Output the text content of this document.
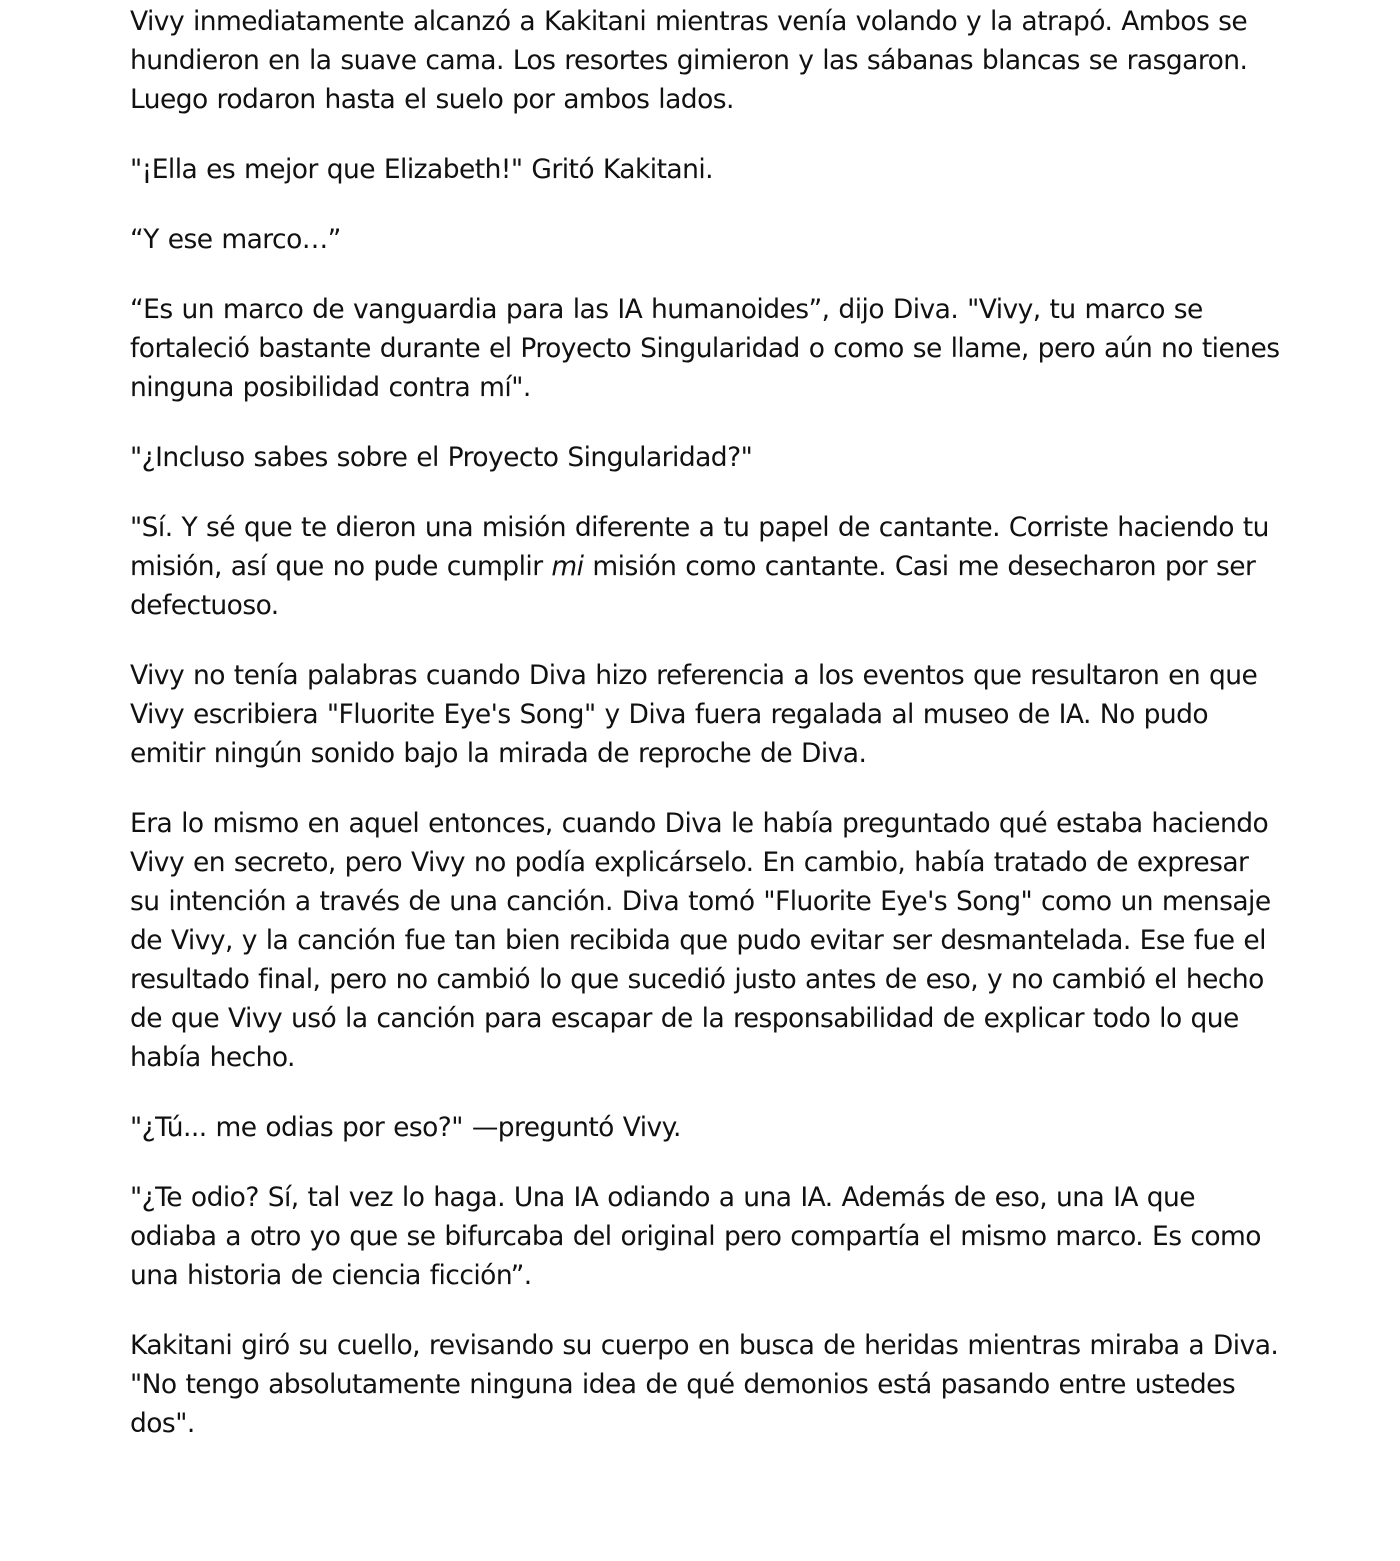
Vivy inmediatamente alcanzó a Kakitani mientras venía volando y la atrapó. Ambos se hundieron en la suave cama. Los resortes gimieron y las sábanas blancas se rasgaron. Luego rodaron hasta el suelo por ambos lados.

"¡Ella es mejor que Elizabeth!" Gritó Kakitani.

“Y ese marco…”

“Es un marco de vanguardia para las IA humanoides”, dijo Diva. "Vivy, tu marco se fortaleció bastante durante el Proyecto Singularidad o como se llame, pero aún no tienes ninguna posibilidad contra mí".

"¿Incluso sabes sobre el Proyecto Singularidad?"

"Sí. Y sé que te dieron una misión diferente a tu papel de cantante. Corriste haciendo tu misión, así que no pude cumplir mi misión como cantante. Casi me desecharon por ser defectuoso.

Vivy no tenía palabras cuando Diva hizo referencia a los eventos que resultaron en que Vivy escribiera "Fluorite Eye's Song" y Diva fuera regalada al museo de IA. No pudo emitir ningún sonido bajo la mirada de reproche de Diva.

Era lo mismo en aquel entonces, cuando Diva le había preguntado qué estaba haciendo Vivy en secreto, pero Vivy no podía explicárselo. En cambio, había tratado de expresar su intención a través de una canción. Diva tomó "Fluorite Eye's Song" como un mensaje de Vivy, y la canción fue tan bien recibida que pudo evitar ser desmantelada. Ese fue el resultado final, pero no cambió lo que sucedió justo antes de eso, y no cambió el hecho de que Vivy usó la canción para escapar de la responsabilidad de explicar todo lo que había hecho.

"¿Tú... me odias por eso?" —preguntó Vivy.

"¿Te odio? Sí, tal vez lo haga. Una IA odiando a una IA. Además de eso, una IA que odiaba a otro yo que se bifurcaba del original pero compartía el mismo marco. Es como una historia de ciencia ficción”.

Kakitani giró su cuello, revisando su cuerpo en busca de heridas mientras miraba a Diva. "No tengo absolutamente ninguna idea de qué demonios está pasando entre ustedes dos".
